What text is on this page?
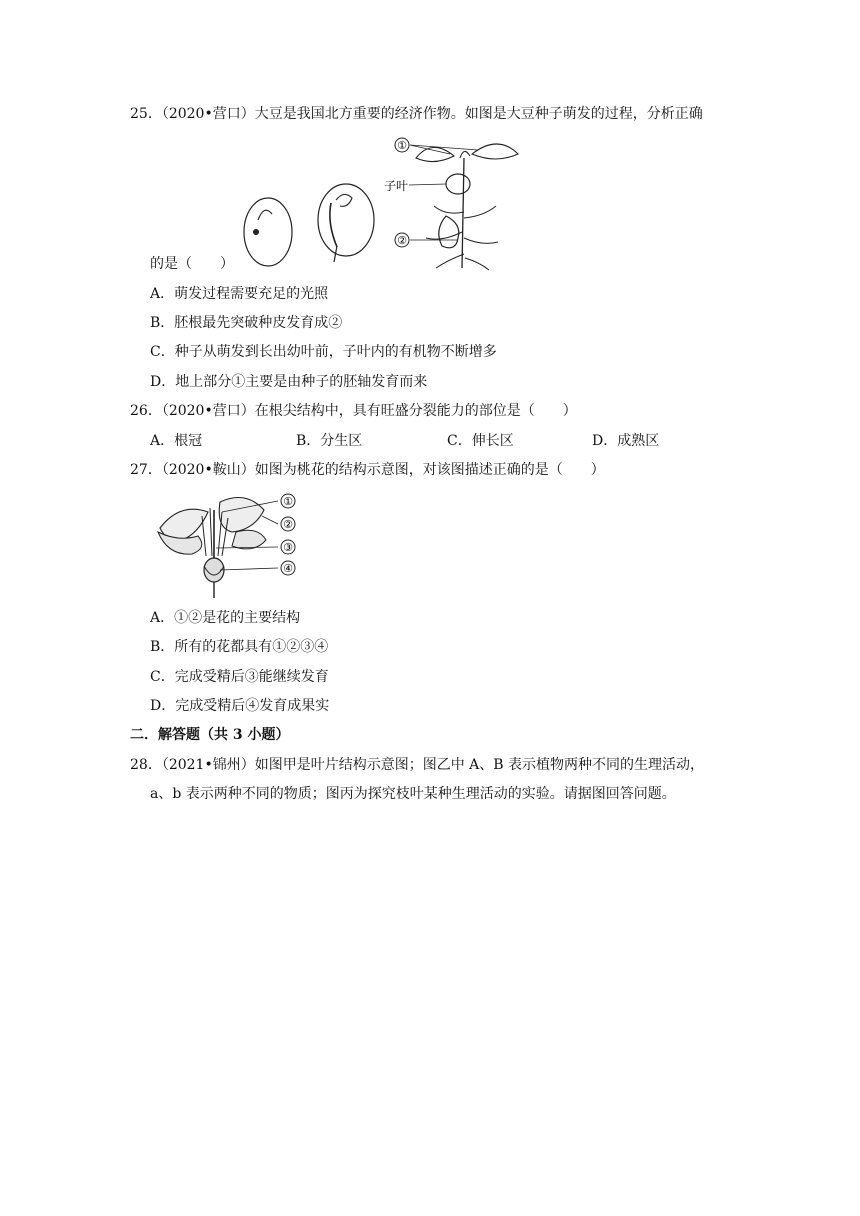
25．（2020•营口）大豆是我国北方重要的经济作物。如图是大豆种子萌发的过程，分析正确
①
子叶
②
的是（　　）
A．萌发过程需要充足的光照
B．胚根最先突破种皮发育成②
C．种子从萌发到长出幼叶前，子叶内的有机物不断增多
D．地上部分①主要是由种子的胚轴发育而来
26．（2020•营口）在根尖结构中，具有旺盛分裂能力的部位是（　　）
A．根冠	B．分生区	C．伸长区	D．成熟区
27．（2020•鞍山）如图为桃花的结构示意图，对该图描述正确的是（　　）
①
②
③
④
A．①②是花的主要结构
B．所有的花都具有①②③④
C．完成受精后③能继续发育
D．完成受精后④发育成果实
二．解答题（共 3 小题）
28．（2021•锦州）如图甲是叶片结构示意图；图乙中 A、B 表示植物两种不同的生理活动，
a、b 表示两种不同的物质；图丙为探究枝叶某种生理活动的实验。请据图回答问题。
